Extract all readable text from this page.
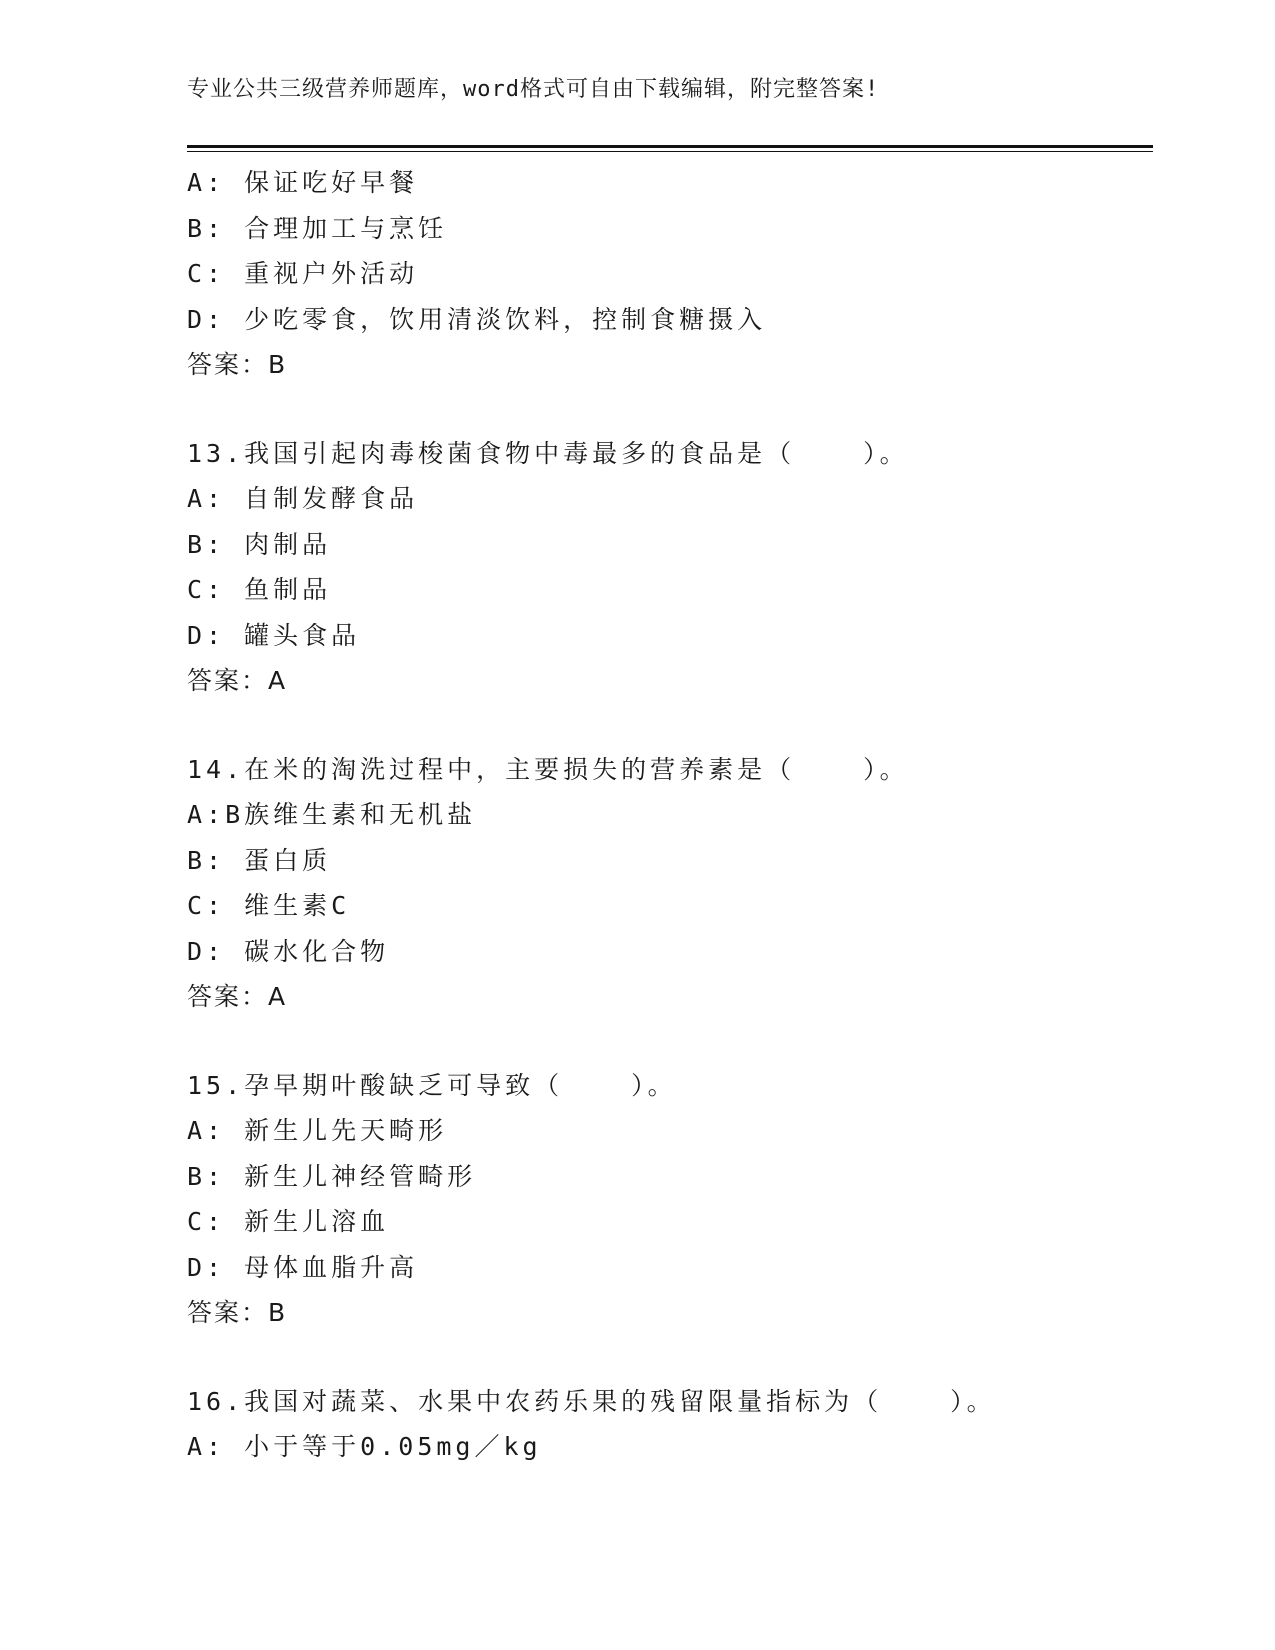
专业公共三级营养师题库，word格式可自由下载编辑，附完整答案!
A: 保证吃好早餐
B: 合理加工与烹饪
C: 重视户外活动
D: 少吃零食，饮用清淡饮料，控制食糖摄入
答案：B
13.我国引起肉毒梭菌食物中毒最多的食品是（	）。
A: 自制发酵食品
B: 肉制品
C: 鱼制品
D: 罐头食品
答案：A
14.在米的淘洗过程中，主要损失的营养素是（	）。
A:B族维生素和无机盐
B: 蛋白质
C: 维生素C
D: 碳水化合物
答案：A
15.孕早期叶酸缺乏可导致（	）。
A: 新生儿先天畸形
B: 新生儿神经管畸形
C: 新生儿溶血
D: 母体血脂升高
答案：B
16.我国对蔬菜、水果中农药乐果的残留限量指标为（	）。
A: 小于等于0.05mg／kg
